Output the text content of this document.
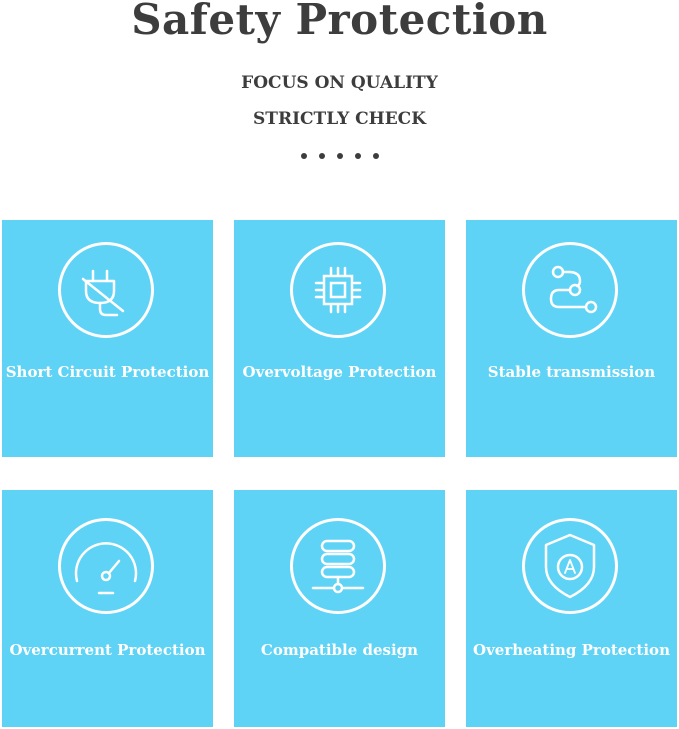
Safety Protection
FOCUS ON QUALITY
STRICTLY CHECK
Short Circuit Protection	Overvoltage Protection	Stable transmission
Overcurrent Protection	Compatible design	Overheating Protection
